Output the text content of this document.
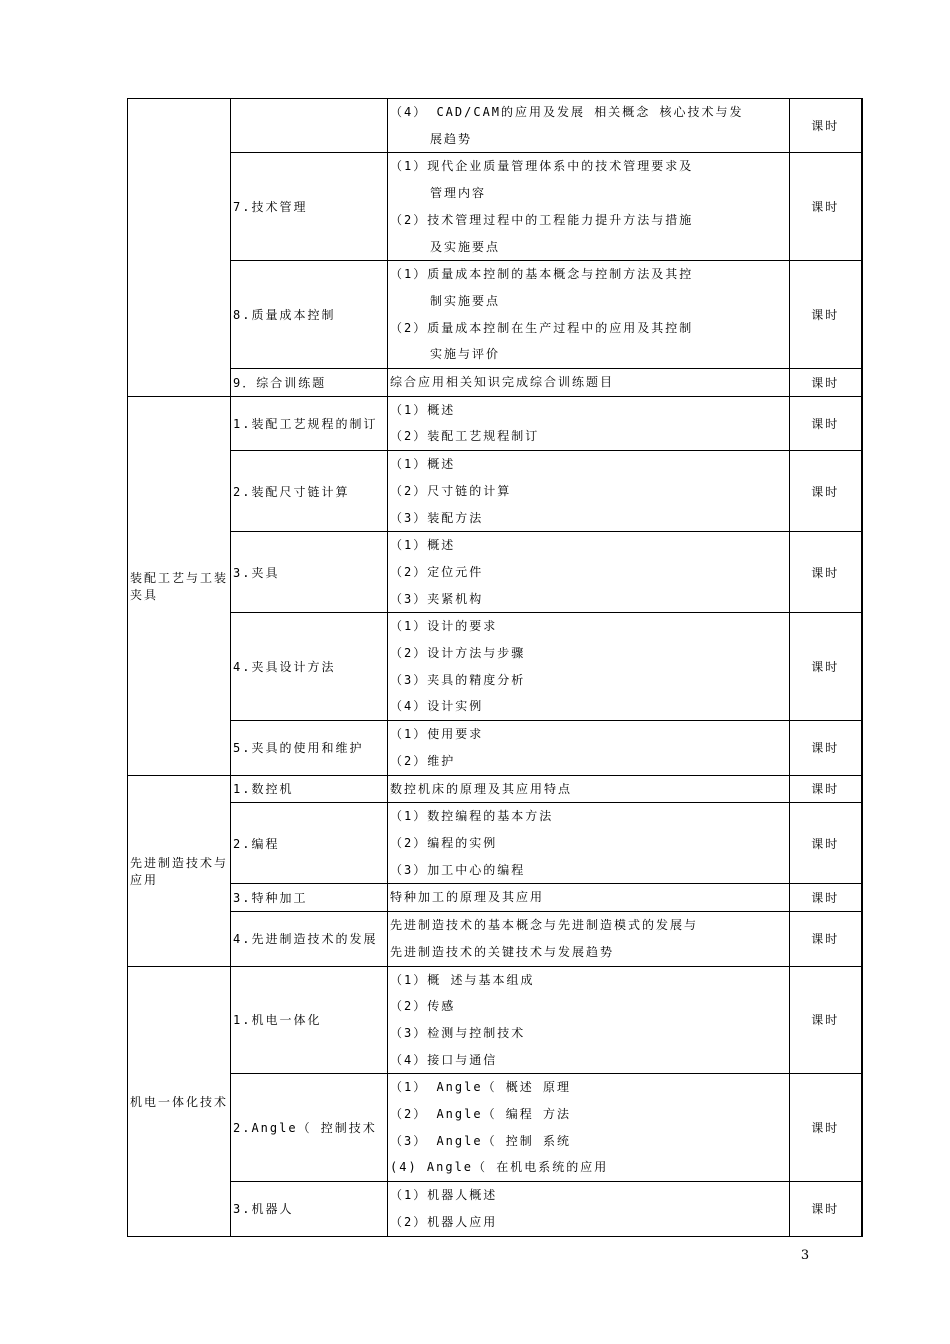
		（4） CAD/CAM的应用及发展 相关概念 核心技术与发
展趋势	课时
	7.技术管理	（1）现代企业质量管理体系中的技术管理要求及
管理内容
（2）技术管理过程中的工程能力提升方法与措施
及实施要点	课时
	8.质量成本控制	（1）质量成本控制的基本概念与控制方法及其控
制实施要点
（2）质量成本控制在生产过程中的应用及其控制
实施与评价	课时
	9．综合训练题	综合应用相关知识完成综合训练题目	课时
装配工艺与工装夹具	1.装配工艺规程的制订	（1）概述
（2）装配工艺规程制订	课时
	2.装配尺寸链计算	（1）概述
（2）尺寸链的计算
（3）装配方法	课时
	3.夹具	（1）概述
（2）定位元件
（3）夹紧机构	课时
	4.夹具设计方法	（1）设计的要求
（2）设计方法与步骤
（3）夹具的精度分析
（4）设计实例	课时
	5.夹具的使用和维护	（1）使用要求
（2）维护	课时
先进制造技术与应用	1.数控机	数控机床的原理及其应用特点	课时
	2.编程	（1）数控编程的基本方法
（2）编程的实例
（3）加工中心的编程	课时
	3.特种加工	特种加工的原理及其应用	课时
	4.先进制造技术的发展	先进制造技术的基本概念与先进制造模式的发展与
先进制造技术的关键技术与发展趋势	课时
机电一体化技术	1.机电一体化	（1）概 述与基本组成
（2）传感
（3）检测与控制技术
（4）接口与通信	课时
	2.Angle（ 控制技术	（1） Angle（ 概述 原理
（2） Angle（ 编程 方法
（3） Angle（ 控制 系统
(4) Angle（ 在机电系统的应用	课时
	3.机器人	（1）机器人概述
（2）机器人应用	课时
3
